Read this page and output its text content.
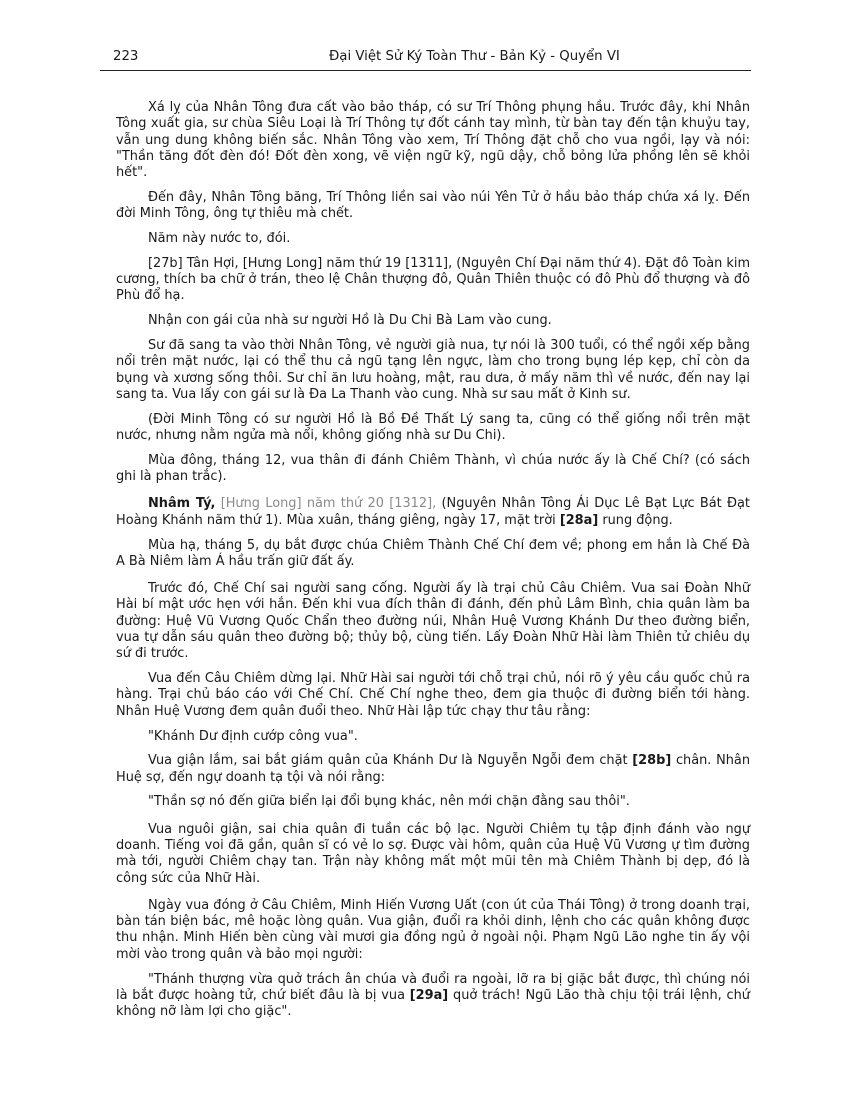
223	Đại Việt Sử Ký Toàn Thư - Bản Kỷ - Quyển VI

Xá lỵ của Nhân Tông đưa cất vào bảo tháp, có sư Trí Thông phụng hầu. Trước đây, khi Nhân Tông xuất gia, sư chùa Siêu Loại là Trí Thông tự đốt cánh tay mình, từ bàn tay đến tận khuỷu tay, vẫn ung dung không biến sắc. Nhân Tông vào xem, Trí Thông đặt chỗ cho vua ngồi, lạy và nói: "Thần tăng đốt đèn đó! Đốt đèn xong, vẽ viện ngữ kỹ, ngũ dậy, chỗ bỏng lửa phồng lên sẽ khỏi hết".

Đến đây, Nhân Tông băng, Trí Thông liền sai vào núi Yên Tử ở hầu bảo tháp chứa xá lỵ. Đến đời Minh Tông, ông tự thiêu mà chết.

Năm này nước to, đói.

[27b] Tân Hợi, [Hưng Long] năm thứ 19 [1311], (Nguyên Chí Đại năm thứ 4). Đặt đô Toàn kim cương, thích ba chữ ở trán, theo lệ Chân thượng đô, Quân Thiên thuộc có đô Phù đổ thượng và đô Phù đổ hạ.

Nhận con gái của nhà sư người Hồ là Du Chi Bà Lam vào cung.

Sư đã sang ta vào thời Nhân Tông, vẻ người già nua, tự nói là 300 tuổi, có thể ngồi xếp bằng nổi trên mặt nước, lại có thể thu cả ngũ tạng lên ngực, làm cho trong bụng lép kẹp, chỉ còn da bụng và xương sống thôi. Sư chỉ ăn lưu hoàng, mật, rau dưa, ở mấy năm thì về nước, đến nay lại sang ta. Vua lấy con gái sư là Đa La Thanh vào cung. Nhà sư sau mất ở Kinh sư.

(Đời Minh Tông có sư người Hồ là Bồ Đề Thất Lý sang ta, cũng có thể giống nổi trên mặt nước, nhưng nằm ngửa mà nổi, không giống nhà sư Du Chi).

Mùa đông, tháng 12, vua thân đi đánh Chiêm Thành, vì chúa nước ấy là Chế Chí? (có sách ghi là phan trắc).

Nhâm Tý, [Hưng Long] năm thứ 20 [1312], (Nguyên Nhân Tông Ái Dục Lê Bạt Lực Bát Đạt Hoàng Khánh năm thứ 1). Mùa xuân, tháng giêng, ngày 17, mặt trời [28a] rung động.

Mùa hạ, tháng 5, dụ bắt được chúa Chiêm Thành Chế Chí đem về; phong em hắn là Chế Đà A Bà Niêm làm Á hầu trấn giữ đất ấy.

Trước đó, Chế Chí sai người sang cống. Người ấy là trại chủ Câu Chiêm. Vua sai Đoàn Nhữ Hài bí mật ước hẹn với hắn. Đến khi vua đích thân đi đánh, đến phủ Lâm Bình, chia quân làm ba đường: Huệ Vũ Vương Quốc Chẩn theo đường núi, Nhân Huệ Vương Khánh Dư theo đường biển, vua tự dẫn sáu quân theo đường bộ; thủy bộ, cùng tiến. Lấy Đoàn Nhữ Hài làm Thiên tử chiêu dụ sứ đi trước.

Vua đến Câu Chiêm dừng lại. Nhữ Hài sai người tới chỗ trại chủ, nói rõ ý yêu cầu quốc chủ ra hàng. Trại chủ báo cáo với Chế Chí. Chế Chí nghe theo, đem gia thuộc đi đường biển tới hàng. Nhân Huệ Vương đem quân đuổi theo. Nhữ Hài lập tức chạy thư tâu rằng:

"Khánh Dư định cướp công vua".

Vua giận lắm, sai bắt giám quân của Khánh Dư là Nguyễn Ngỗi đem chặt [28b] chân. Nhân Huệ sợ, đến ngự doanh tạ tội và nói rằng:

"Thần sợ nó đến giữa biển lại đổi bụng khác, nên mới chặn đằng sau thôi".

Vua nguôi giận, sai chia quân đi tuần các bộ lạc. Người Chiêm tụ tập định đánh vào ngự doanh. Tiếng voi đã gần, quân sĩ có vẻ lo sợ. Được vài hôm, quân của Huệ Vũ Vương ự tìm đường mà tới, người Chiêm chạy tan. Trận này không mất một mũi tên mà Chiêm Thành bị dẹp, đó là công sức của Nhữ Hài.

Ngày vua đóng ở Câu Chiêm, Minh Hiến Vương Uất (con út của Thái Tông) ở trong doanh trại, bàn tán biện bác, mê hoặc lòng quân. Vua giận, đuổi ra khỏi dinh, lệnh cho các quân không được thu nhận. Minh Hiến bèn cùng vài mươi gia đồng ngủ ở ngoài nội. Phạm Ngũ Lão nghe tin ấy vội mời vào trong quân và bảo mọi người:

"Thánh thượng vừa quở trách ân chúa và đuổi ra ngoài, lỡ ra bị giặc bắt được, thì chúng nói là bắt được hoàng tử, chứ biết đâu là bị vua [29a] quở trách! Ngũ Lão thà chịu tội trái lệnh, chứ không nỡ làm lợi cho giặc".
